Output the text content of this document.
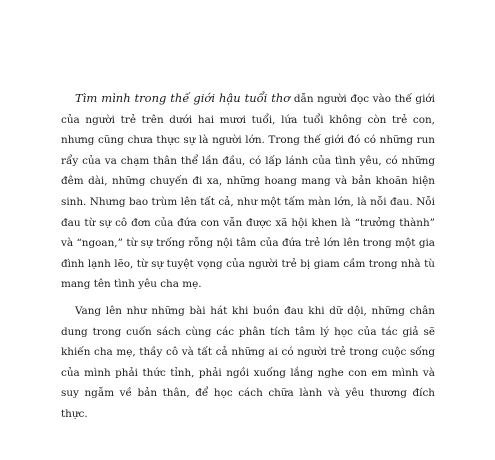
Tìm mình trong thế giới hậu tuổi thơ dẫn người đọc vào thế giới của người trẻ trên dưới hai mươi tuổi, lứa tuổi không còn trẻ con, nhưng cũng chưa thực sự là người lớn. Trong thế giới đó có những run rẩy của va chạm thân thể lần đầu, có lấp lánh của tình yêu, có những đêm dài, những chuyến đi xa, những hoang mang và bản khoăn hiện sinh. Nhưng bao trùm lên tất cả, như một tấm màn lớn, là nỗi đau. Nỗi đau từ sự cô đơn của đứa con vẫn được xã hội khen là “trưởng thành” và “ngoan,” từ sự trống rỗng nội tâm của đứa trẻ lớn lên trong một gia đình lạnh lẽo, từ sự tuyệt vọng của người trẻ bị giam cầm trong nhà tù mang tên tình yêu cha mẹ.

Vang lên như những bài hát khi buồn đau khi dữ dội, những chân dung trong cuốn sách cùng các phân tích tâm lý học của tác giả sẽ khiến cha mẹ, thầy cô và tất cả những ai có người trẻ trong cuộc sống của mình phải thức tỉnh, phải ngồi xuống lắng nghe con em mình và suy ngẫm về bản thân, để học cách chữa lành và yêu thương đích thực.
